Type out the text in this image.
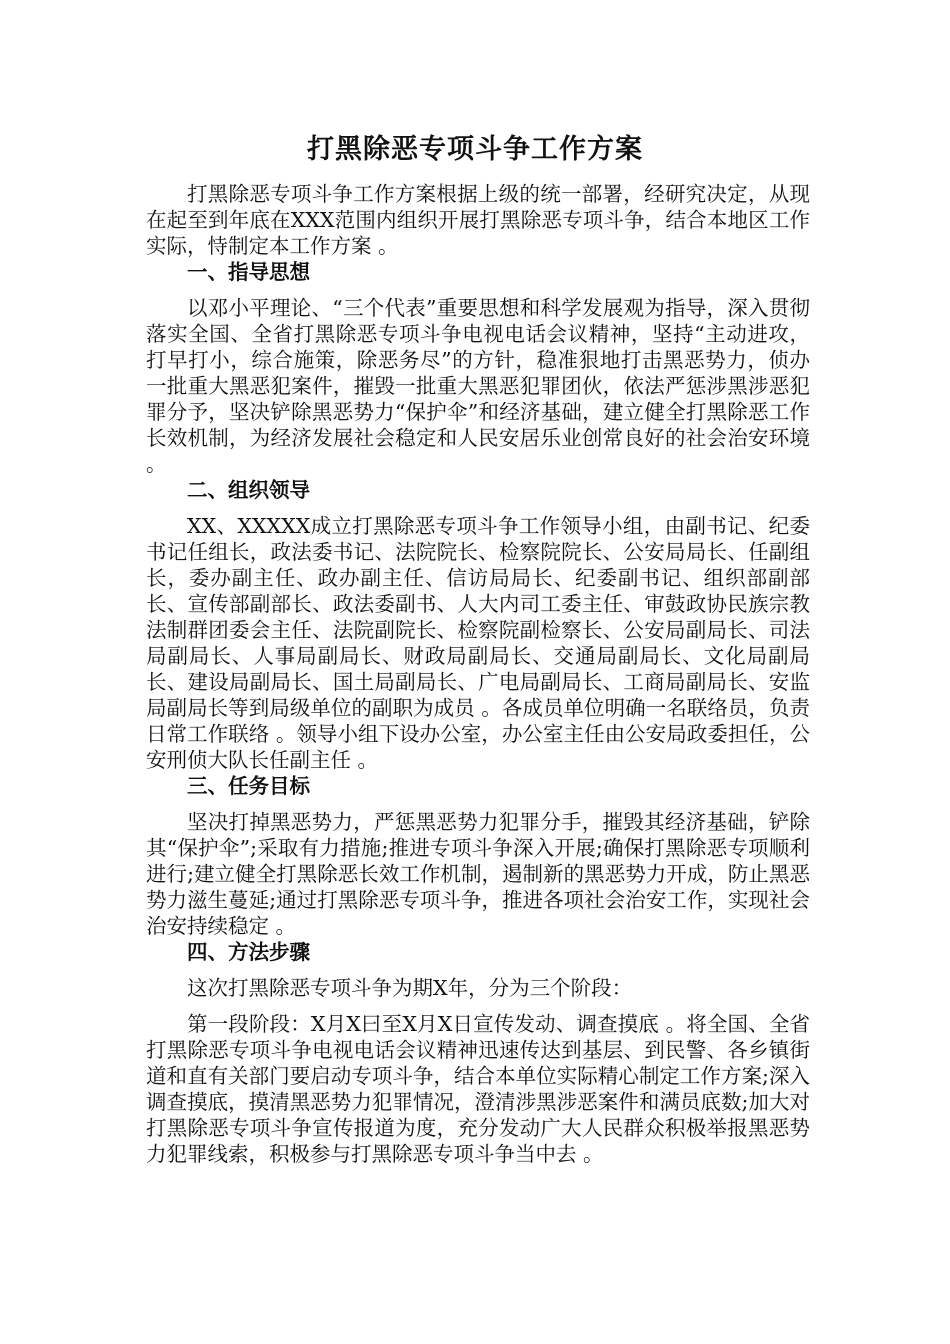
打黑除恶专项斗争工作方案

打黑除恶专项斗争工作方案根据上级的统一部署，经研究决定，从现在起至到年底在XXX范围内组织开展打黑除恶专项斗争，结合本地区工作实际，恃制定本工作方案 。

一、指导思想

以邓小平理论、“三个代表”重要思想和科学发展观为指导，深入贯彻落实全国、全省打黑除恶专项斗争电视电话会议精神，坚持“主动进攻，打早打小，综合施策，除恶务尽”的方针，稳准狠地打击黑恶势力，侦办一批重大黑恶犯案件，摧毁一批重大黑恶犯罪团伙，依法严惩涉黑涉恶犯罪分予，坚决铲除黑恶势力“保护伞”和经济基础，建立健全打黑除恶工作长效机制，为经济发展社会稳定和人民安居乐业创常良好的社会治安环境 。

二、组织领导

XX、XXXXX成立打黑除恶专项斗争工作领导小组，由副书记、纪委书记任组长，政法委书记、法院院长、检察院院长、公安局局长、任副组长，委办副主任、政办副主任、信访局局长、纪委副书记、组织部副部长、宣传部副部长、政法委副书、人大内司工委主任、审鼓政协民族宗教法制群团委会主任、法院副院长、检察院副检察长、公安局副局长、司法局副局长、人事局副局长、财政局副局长、交通局副局长、文化局副局长、建设局副局长、国土局副局长、广电局副局长、工商局副局长、安监局副局长等到局级单位的副职为成员 。各成员单位明确一名联络员，负责日常工作联络 。领导小组下设办公室，办公室主任由公安局政委担任，公安刑侦大队长任副主任 。

三、任务目标

坚决打掉黑恶势力，严惩黑恶势力犯罪分手，摧毁其经济基础，铲除其“保护伞”;采取有力措施;推进专项斗争深入开展;确保打黑除恶专项顺利进行;建立健全打黑除恶长效工作机制，遏制新的黑恶势力开成，防止黑恶势力滋生蔓延;通过打黑除恶专项斗争，推进各项社会治安工作，实现社会治安持续稳定 。

四、方法步骤

这次打黑除恶专项斗争为期X年，分为三个阶段：

第一段阶段：X月X曰至X月X日宣传发动、调查摸底 。将全国、全省打黑除恶专项斗争电视电话会议精神迅速传达到基层、到民警、各乡镇街道和直有关部门要启动专项斗争，结合本单位实际精心制定工作方案;深入调查摸底，摸清黑恶势力犯罪情况，澄清涉黑涉恶案件和满员底数;加大对打黑除恶专项斗争宣传报道为度，充分发动广大人民群众积极举报黑恶势力犯罪线索，积极参与打黑除恶专项斗争当中去 。
